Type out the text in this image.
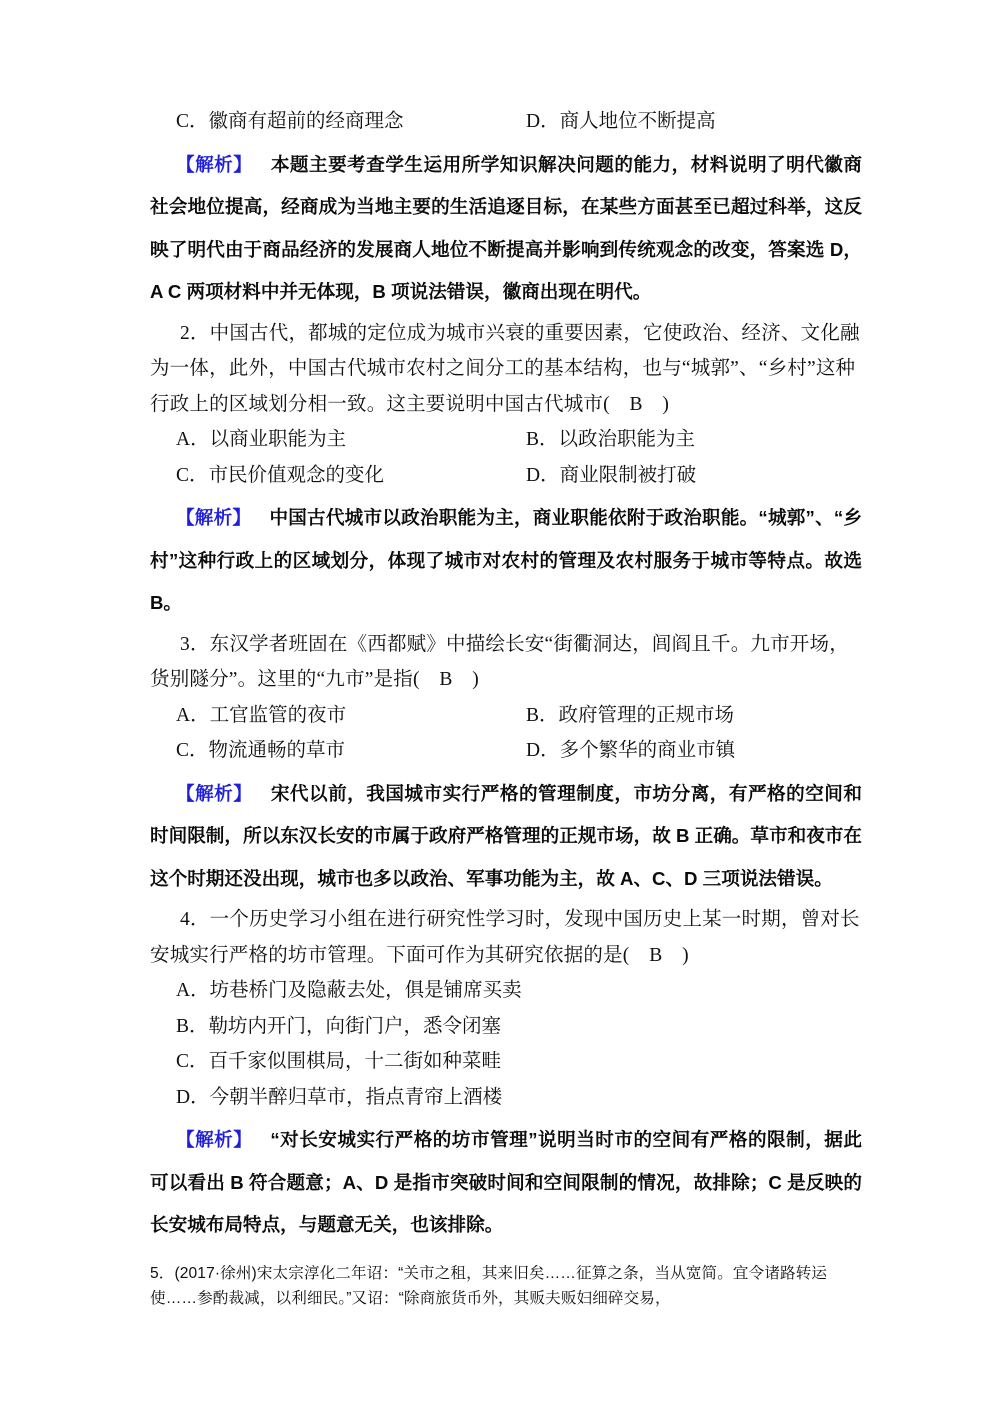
C．徽商有超前的经商理念	D．商人地位不断提高
【解析】 本题主要考查学生运用所学知识解决问题的能力，材料说明了明代徽商社会地位提高，经商成为当地主要的生活追逐目标，在某些方面甚至已超过科举，这反映了明代由于商品经济的发展商人地位不断提高并影响到传统观念的改变，答案选 D，A C 两项材料中并无体现，B 项说法错误，徽商出现在明代。
2．中国古代，都城的定位成为城市兴衰的重要因素，它使政治、经济、文化融为一体，此外，中国古代城市农村之间分工的基本结构，也与“城郭”、“乡村”这种行政上的区域划分相一致。这主要说明中国古代城市(　B　)
A．以商业职能为主	B．以政治职能为主
C．市民价值观念的变化	D．商业限制被打破
【解析】 中国古代城市以政治职能为主，商业职能依附于政治职能。“城郭”、“乡村”这种行政上的区域划分，体现了城市对农村的管理及农村服务于城市等特点。故选 B。
3．东汉学者班固在《西都赋》中描绘长安“街衢洞达，闾阎且千。九市开场，货别隧分”。这里的“九市”是指(　B　)
A．工官监管的夜市	B．政府管理的正规市场
C．物流通畅的草市	D．多个繁华的商业市镇
【解析】 宋代以前，我国城市实行严格的管理制度，市坊分离，有严格的空间和时间限制，所以东汉长安的市属于政府严格管理的正规市场，故 B 正确。草市和夜市在这个时期还没出现，城市也多以政治、军事功能为主，故 A、C、D 三项说法错误。
4．一个历史学习小组在进行研究性学习时，发现中国历史上某一时期，曾对长安城实行严格的坊市管理。下面可作为其研究依据的是(　B　)
A．坊巷桥门及隐蔽去处，俱是铺席买卖
B．勒坊内开门，向街门户，悉令闭塞
C．百千家似围棋局，十二街如种菜畦
D．今朝半醉归草市，指点青帘上酒楼
【解析】 “对长安城实行严格的坊市管理”说明当时市的空间有严格的限制，据此可以看出 B 符合题意；A、D 是指市突破时间和空间限制的情况，故排除；C 是反映的长安城布局特点，与题意无关，也该排除。
5．(2017·徐州)宋太宗淳化二年诏：“关市之租，其来旧矣……征算之条，当从宽简。宜令诸路转运使……参酌裁减，以利细民。”又诏：“除商旅货币外，其贩夫贩妇细碎交易，
